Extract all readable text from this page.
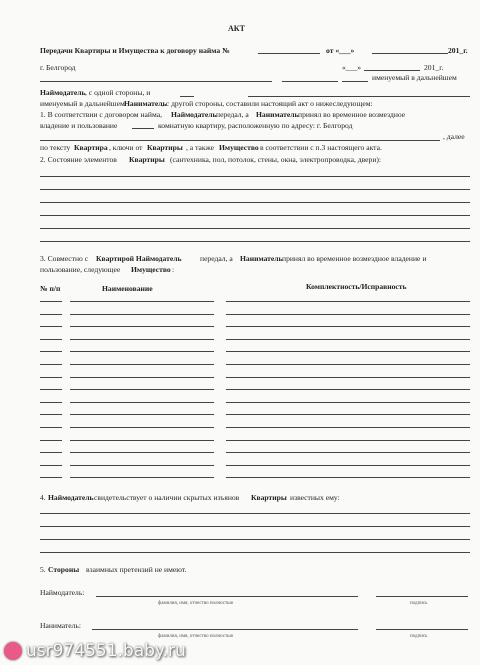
АКТ
Передачи Квартиры и Имущества к договору найма №	от «___»	201_г.
г. Белгород	«___»	201_г.
именуемый в дальнейшем
Наймодатель , с одной стороны, и
именуемый в дальнейшем Наниматель
, с другой стороны, составили настоящий акт о нижеследующем:
1. В соответствии с договором найма, Наймодатель передал, а Наниматель принял во временное возмездное
владение и пользование	комнатную квартиру, расположенную по адресу: г. Белгород
, далее
по тексту Квартира , ключи от Квартиры , а также Имущество в соответствии с п.3 настоящего акта.
2. Состояние элементов Квартиры (сантехника, пол, потолок, стены, окна, электропроводка, двери):
3. Совместно с Квартирой Наймодатель передал, а Наниматель принял во временное возмездное владение и
пользование, следующее Имущество :
№ п/п	Наименование	Комплектность/Исправность
4. Наймодатель свидетельствует о наличии скрытых изъянов Квартиры известных ему:
5. Стороны взаимных претензий не имеют.
Наймодатель:
фамилия, имя, отчество полностью	подпись
Наниматель:
фамилия, имя, отчество полностью	подпись
usr974551.baby.ru
